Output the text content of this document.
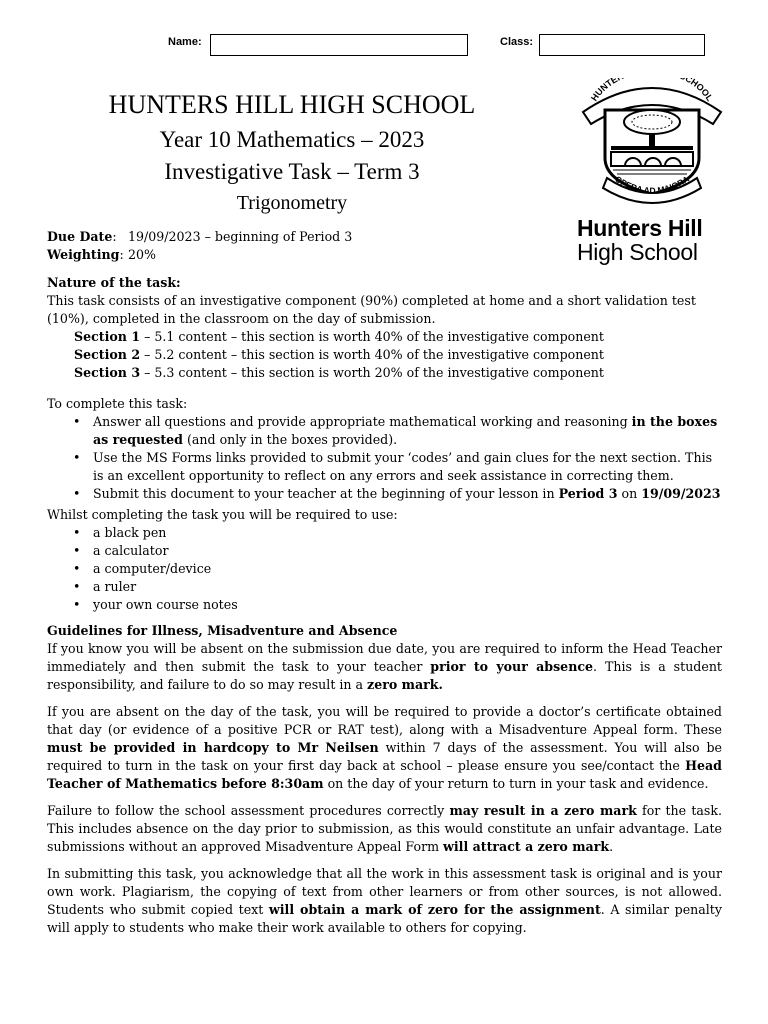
Name:	Class:
HUNTERS HILL HIGH SCHOOL
Year 10 Mathematics – 2023
Investigative Task – Term 3
Trigonometry
HUNTE CHOOL
OPERA AD MAIORA
Hunters Hill
High School
Due Date: 19/09/2023 – beginning of Period 3
Weighting: 20%

Nature of the task:

This task consists of an investigative component (90%) completed at home and a short validation test (10%), completed in the classroom on the day of submission.

Section 1 – 5.1 content – this section is worth 40% of the investigative component
Section 2 – 5.2 content – this section is worth 40% of the investigative component
Section 3 – 5.3 content – this section is worth 20% of the investigative component

To complete this task:

• Answer all questions and provide appropriate mathematical working and reasoning in the boxes as requested (and only in the boxes provided).
• Use the MS Forms links provided to submit your ‘codes’ and gain clues for the next section. This is an excellent opportunity to reflect on any errors and seek assistance in correcting them.
• Submit this document to your teacher at the beginning of your lesson in Period 3 on 19/09/2023

Whilst completing the task you will be required to use:

• a black pen
• a calculator
• a computer/device
• a ruler
• your own course notes

Guidelines for Illness, Misadventure and Absence

If you know you will be absent on the submission due date, you are required to inform the Head Teacher immediately and then submit the task to your teacher prior to your absence. This is a student responsibility, and failure to do so may result in a zero mark.

If you are absent on the day of the task, you will be required to provide a doctor’s certificate obtained that day (or evidence of a positive PCR or RAT test), along with a Misadventure Appeal form. These must be provided in hardcopy to Mr Neilsen within 7 days of the assessment. You will also be required to turn in the task on your first day back at school – please ensure you see/contact the Head Teacher of Mathematics before 8:30am on the day of your return to turn in your task and evidence.

Failure to follow the school assessment procedures correctly may result in a zero mark for the task. This includes absence on the day prior to submission, as this would constitute an unfair advantage. Late submissions without an approved Misadventure Appeal Form will attract a zero mark.

In submitting this task, you acknowledge that all the work in this assessment task is original and is your own work. Plagiarism, the copying of text from other learners or from other sources, is not allowed. Students who submit copied text will obtain a mark of zero for the assignment. A similar penalty will apply to students who make their work available to others for copying.
